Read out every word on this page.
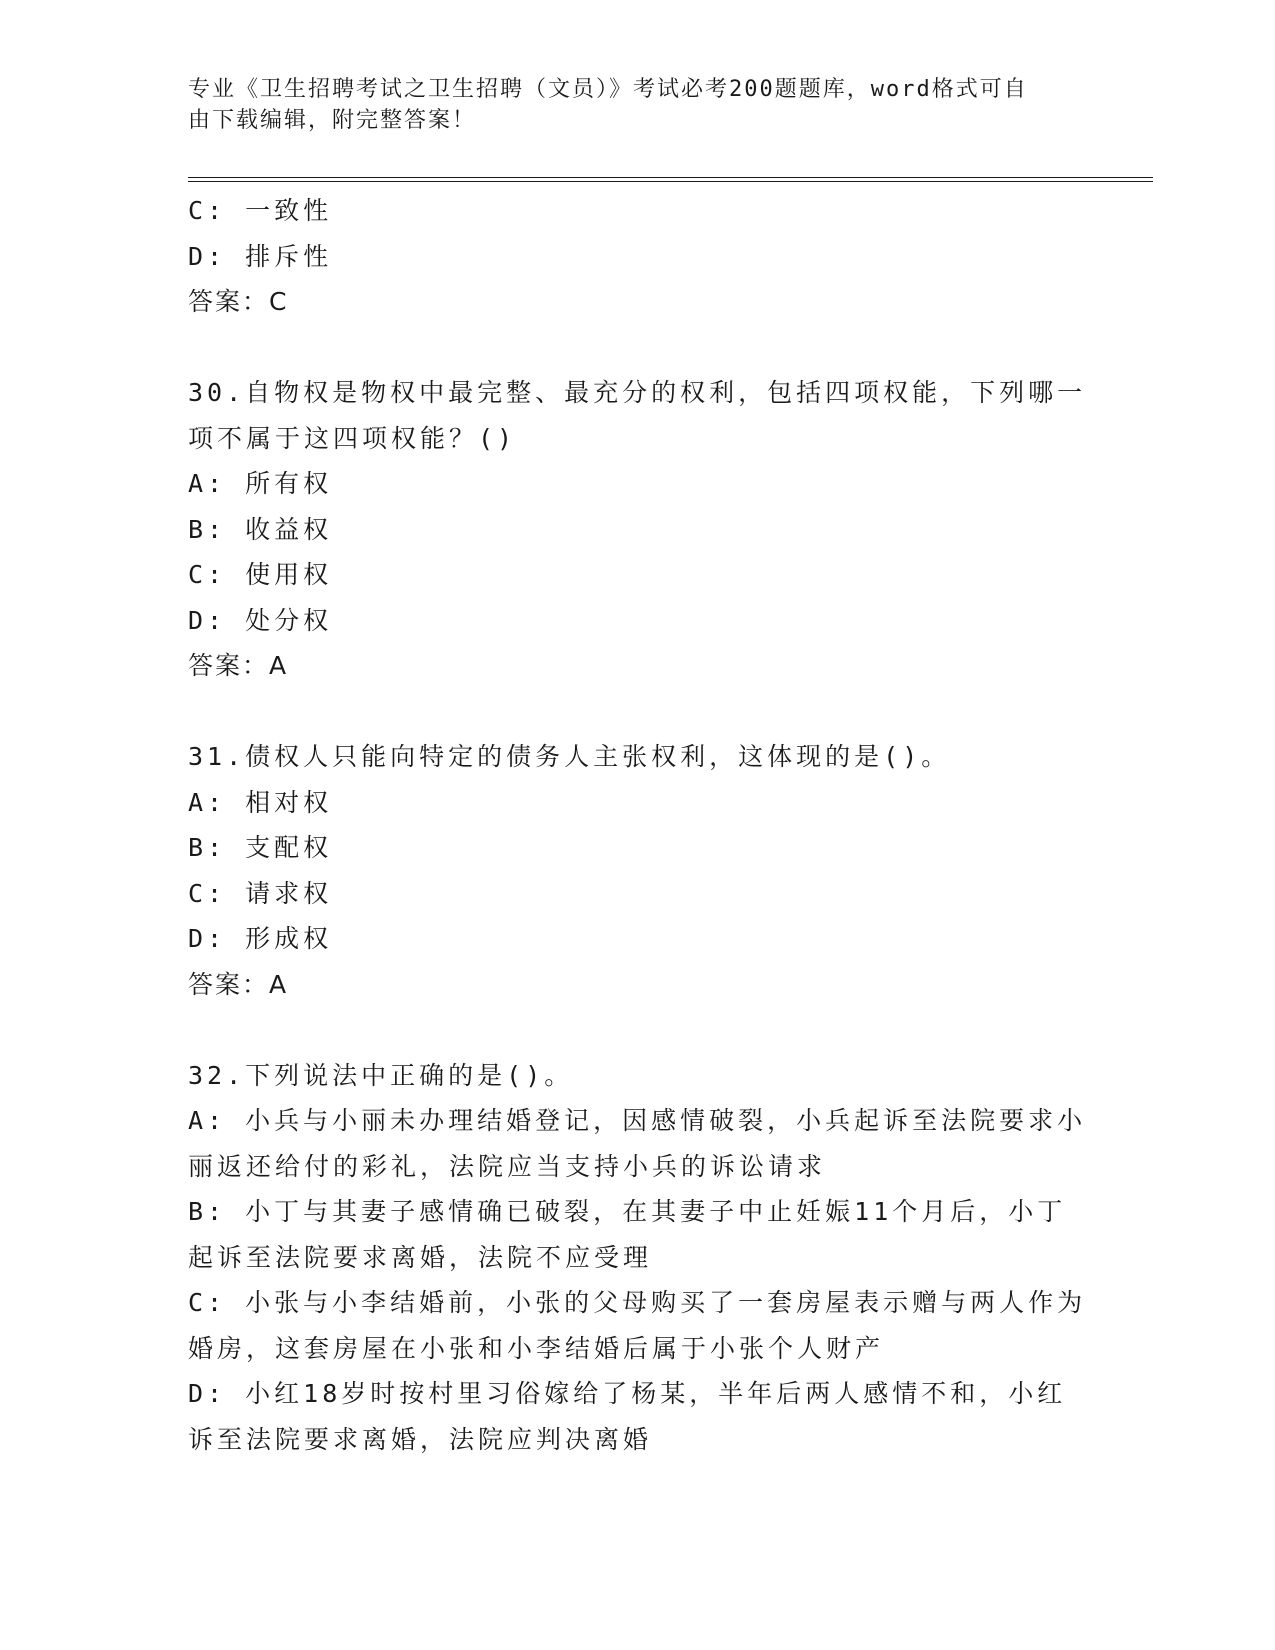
专业《卫生招聘考试之卫生招聘（文员）》考试必考200题题库，word格式可自
由下载编辑，附完整答案！
C: 一致性
D: 排斥性
答案：C
30.自物权是物权中最完整、最充分的权利，包括四项权能，下列哪一
项不属于这四项权能？()
A: 所有权
B: 收益权
C: 使用权
D: 处分权
答案：A
31.债权人只能向特定的债务人主张权利，这体现的是()。
A: 相对权
B: 支配权
C: 请求权
D: 形成权
答案：A
32.下列说法中正确的是()。
A: 小兵与小丽未办理结婚登记，因感情破裂，小兵起诉至法院要求小
丽返还给付的彩礼，法院应当支持小兵的诉讼请求
B: 小丁与其妻子感情确已破裂，在其妻子中止妊娠11个月后，小丁
起诉至法院要求离婚，法院不应受理
C: 小张与小李结婚前，小张的父母购买了一套房屋表示赠与两人作为
婚房，这套房屋在小张和小李结婚后属于小张个人财产
D: 小红18岁时按村里习俗嫁给了杨某，半年后两人感情不和，小红
诉至法院要求离婚，法院应判决离婚
